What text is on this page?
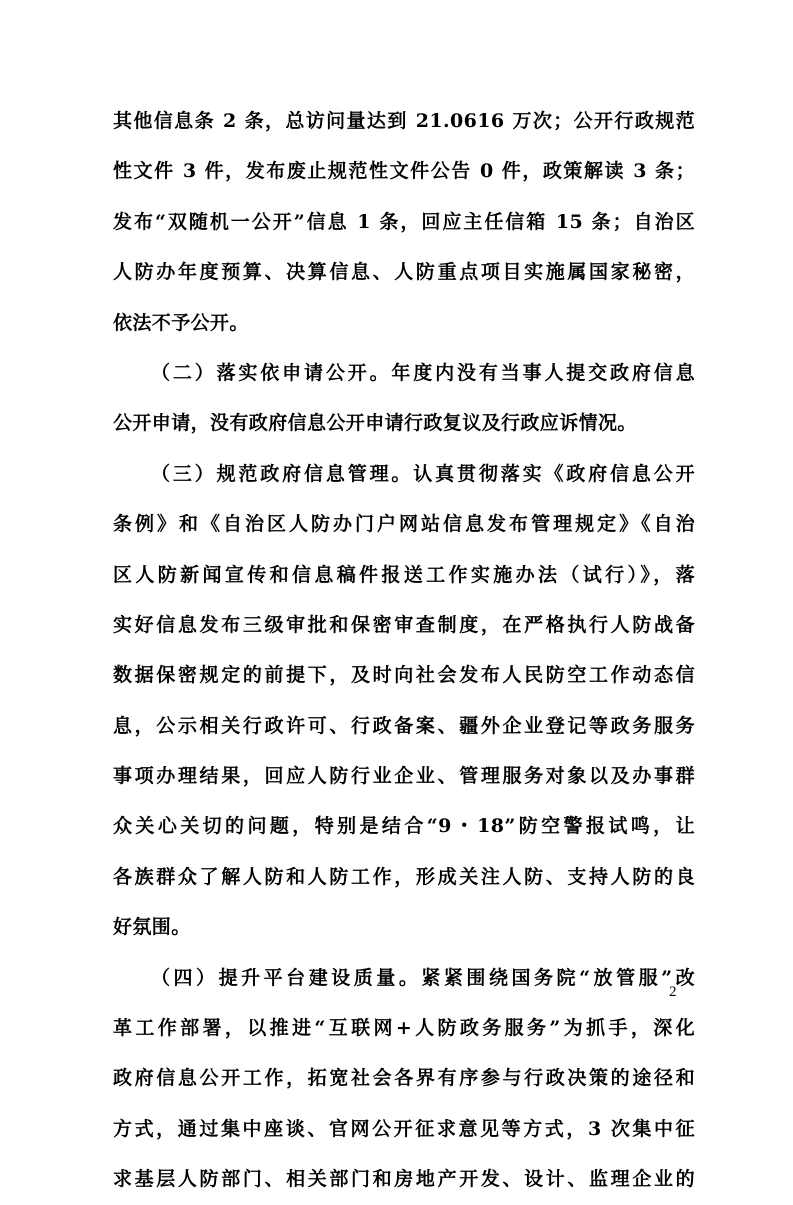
其他信息条 2 条，总访问量达到 21.0616 万次；公开行政规范
性文件 3 件，发布废止规范性文件公告 0 件，政策解读 3 条；
发布“双随机一公开”信息 1 条，回应主任信箱 15 条；自治区
人防办年度预算、决算信息、人防重点项目实施属国家秘密，
依法不予公开。
（二）落实依申请公开。年度内没有当事人提交政府信息
公开申请，没有政府信息公开申请行政复议及行政应诉情况。
（三）规范政府信息管理。认真贯彻落实《政府信息公开
条例》和《自治区人防办门户网站信息发布管理规定》《自治
区人防新闻宣传和信息稿件报送工作实施办法（试行）》，落
实好信息发布三级审批和保密审查制度，在严格执行人防战备
数据保密规定的前提下，及时向社会发布人民防空工作动态信
息，公示相关行政许可、行政备案、疆外企业登记等政务服务
事项办理结果，回应人防行业企业、管理服务对象以及办事群
众关心关切的问题，特别是结合“9・18”防空警报试鸣，让
各族群众了解人防和人防工作，形成关注人防、支持人防的良
好氛围。
（四）提升平台建设质量。紧紧围绕国务院“放管服”改
革工作部署，以推进“互联网+人防政务服务”为抓手，深化
政府信息公开工作，拓宽社会各界有序参与行政决策的途径和
方式，通过集中座谈、官网公开征求意见等方式，3 次集中征
求基层人防部门、相关部门和房地产开发、设计、监理企业的
2
